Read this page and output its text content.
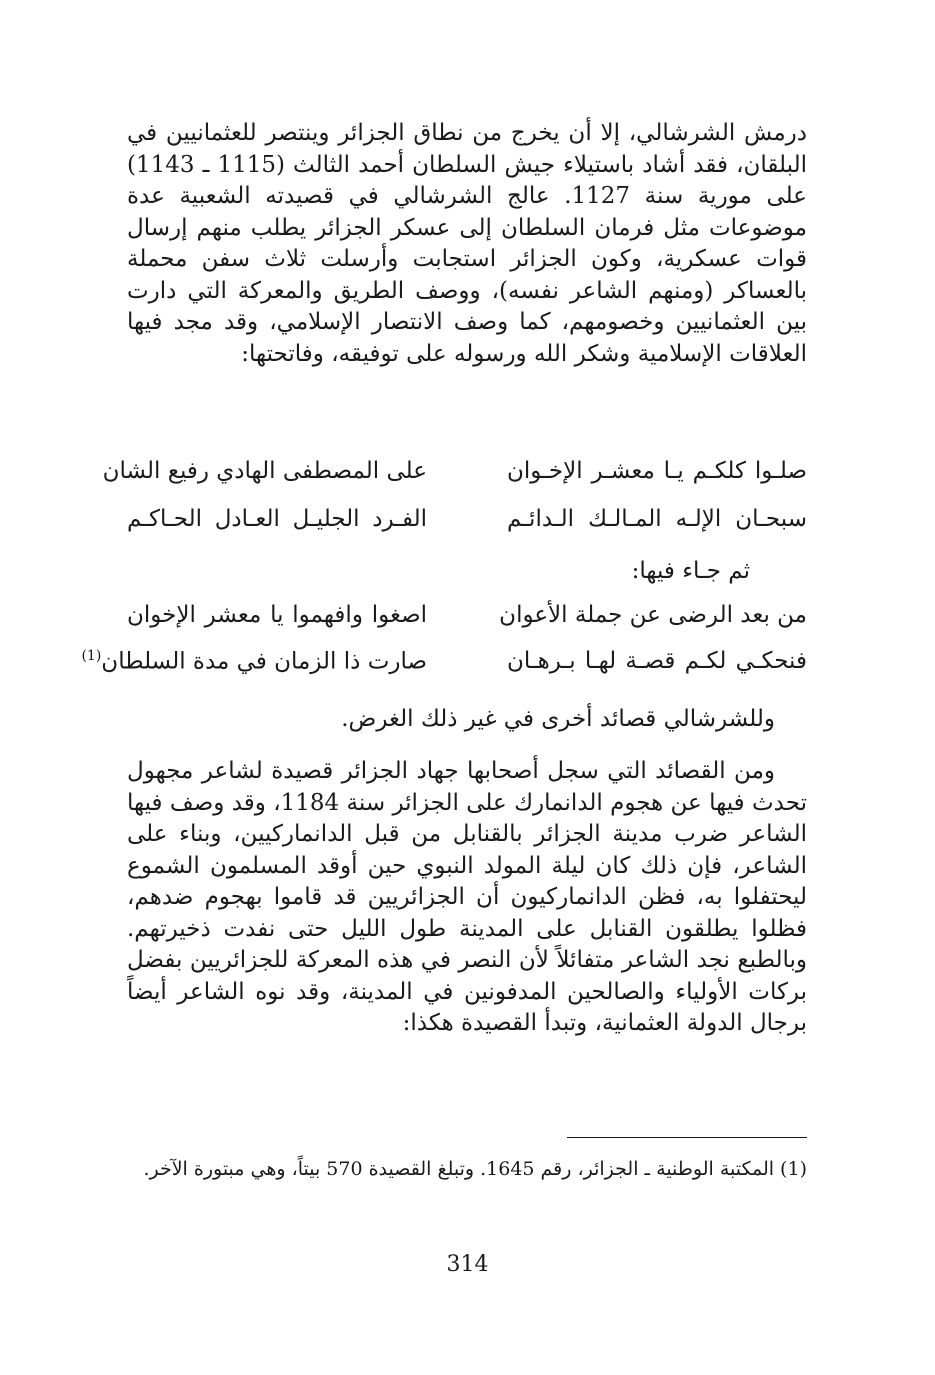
درمش الشرشالي، إلا أن يخرج من نطاق الجزائر وينتصر للعثمانيين في البلقان، فقد أشاد باستيلاء جيش السلطان أحمد الثالث (1115 ـ 1143) على مورية سنة 1127. عالج الشرشالي في قصيدته الشعبية عدة موضوعات مثل فرمان السلطان إلى عسكر الجزائر يطلب منهم إرسال قوات عسكرية، وكون الجزائر استجابت وأرسلت ثلاث سفن محملة بالعساكر (ومنهم الشاعر نفسه)، ووصف الطريق والمعركة التي دارت بين العثمانيين وخصومهم، كما وصف الانتصار الإسلامي، وقد مجد فيها العلاقات الإسلامية وشكر الله ورسوله على توفيقه، وفاتحتها:

صلـوا كلكـم يـا معشـر الإخـوان
على المصطفى الهادي رفيع الشان
سبحـان الإلـه المـالـك الـدائـم
الفـرد الجليـل العـادل الحـاكـم
ثم جـاء فيها:
من بعد الرضى عن جملة الأعوان
اصغوا وافهموا يا معشر الإخوان
فنحكـي لكـم قصـة لهـا بـرهـان
صارت ذا الزمان في مدة السلطان$^{(1)}$
وللشرشالي قصائد أخرى في غير ذلك الغرض.

ومن القصائد التي سجل أصحابها جهاد الجزائر قصيدة لشاعر مجهول تحدث فيها عن هجوم الدانمارك على الجزائر سنة 1184، وقد وصف فيها الشاعر ضرب مدينة الجزائر بالقنابل من قبل الدانماركيين، وبناء على الشاعر، فإن ذلك كان ليلة المولد النبوي حين أوقد المسلمون الشموع ليحتفلوا به، فظن الدانماركيون أن الجزائريين قد قاموا بهجوم ضدهم، فظلوا يطلقون القنابل على المدينة طول الليل حتى نفدت ذخيرتهم. وبالطبع نجد الشاعر متفائلاً لأن النصر في هذه المعركة للجزائريين بفضل بركات الأولياء والصالحين المدفونين في المدينة، وقد نوه الشاعر أيضاً برجال الدولة العثمانية، وتبدأ القصيدة هكذا:

(1) المكتبة الوطنية ـ الجزائر، رقم 1645. وتبلغ القصيدة 570 بيتاً، وهي مبتورة الآخر.
314
